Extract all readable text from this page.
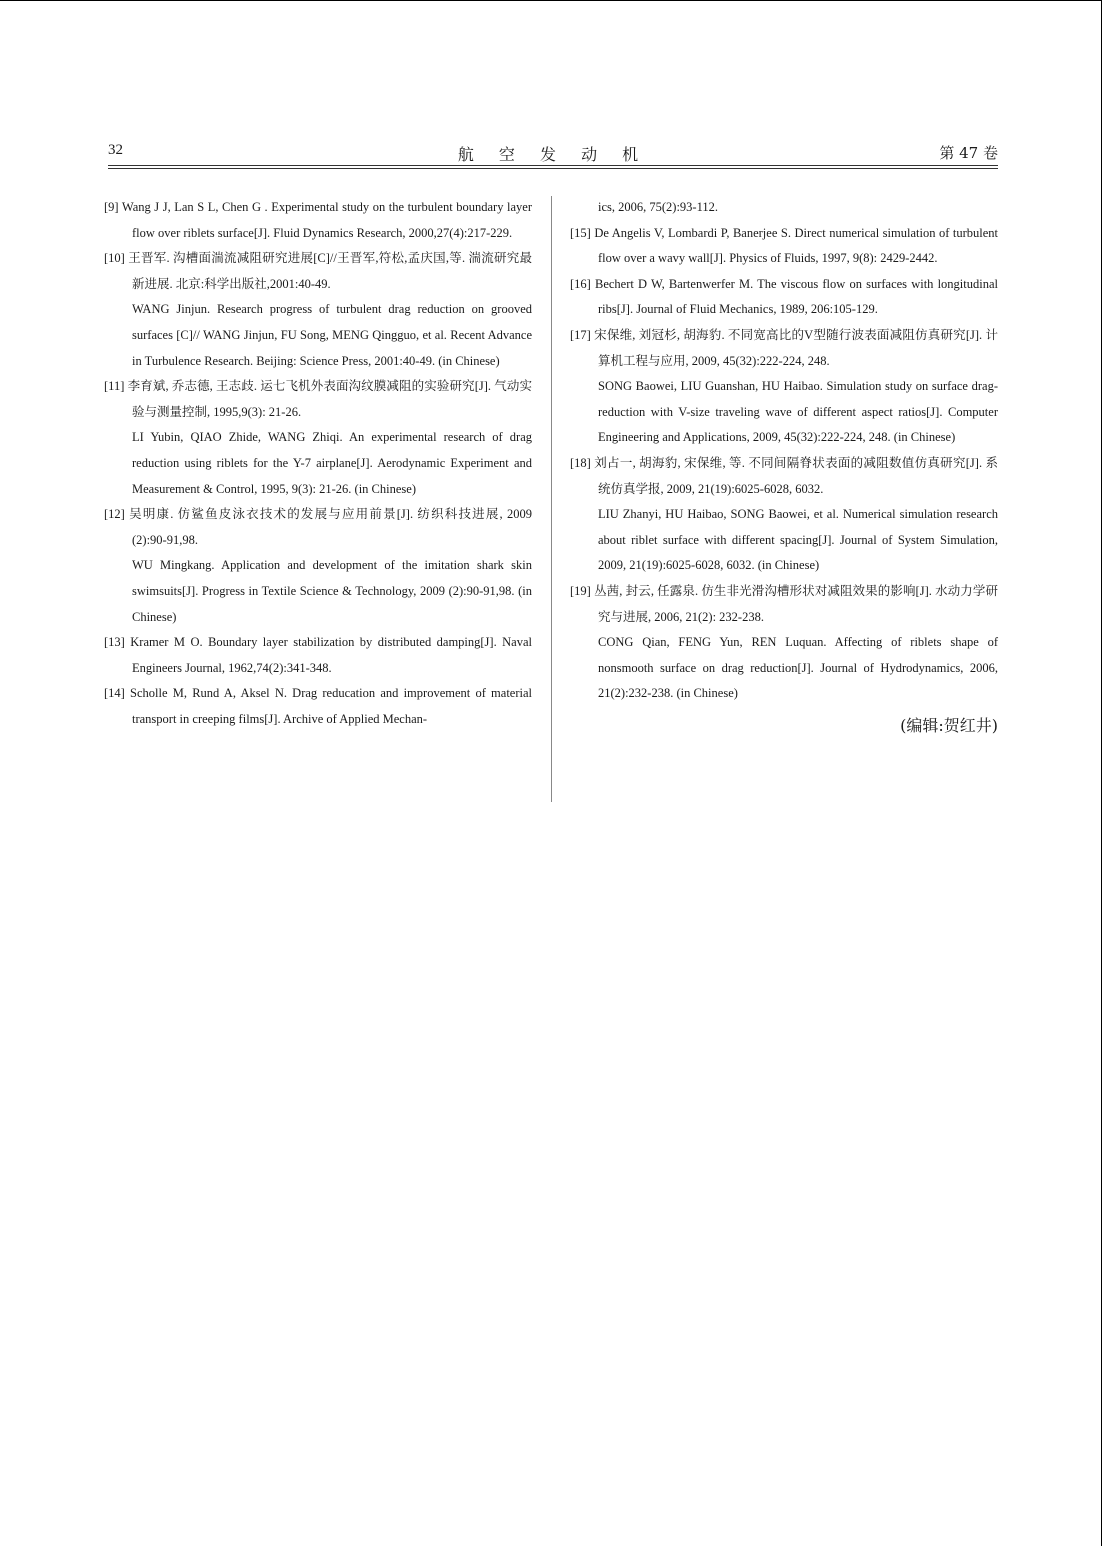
32	航 空 发 动 机	第 47 卷
[9] Wang J J, Lan S L, Chen G . Experimental study on the turbulent boundary layer flow over riblets surface[J]. Fluid Dynamics Research, 2000,27(4):217-229.
[10] 王晋军. 沟槽面湍流减阻研究进展[C]//王晋军,符松,孟庆国,等. 湍流研究最新进展. 北京:科学出版社,2001:40-49.
WANG Jinjun. Research progress of turbulent drag reduction on grooved surfaces [C]// WANG Jinjun, FU Song, MENG Qingguo, et al. Recent Advance in Turbulence Research. Beijing: Science Press, 2001:40-49. (in Chinese)
[11] 李育斌, 乔志德, 王志歧. 运七飞机外表面沟纹膜减阻的实验研究[J]. 气动实验与测量控制, 1995,9(3): 21-26.
LI Yubin, QIAO Zhide, WANG Zhiqi. An experimental research of drag reduction using riblets for the Y-7 airplane[J]. Aerodynamic Experiment and Measurement & Control, 1995, 9(3): 21-26. (in Chinese)
[12] 吴明康. 仿鲨鱼皮泳衣技术的发展与应用前景[J]. 纺织科技进展, 2009 (2):90-91,98.
WU Mingkang. Application and development of the imitation shark skin swimsuits[J]. Progress in Textile Science & Technology, 2009 (2):90-91,98. (in Chinese)
[13] Kramer M O. Boundary layer stabilization by distributed damping[J]. Naval Engineers Journal, 1962,74(2):341-348.
[14] Scholle M, Rund A, Aksel N. Drag reducation and improvement of material transport in creeping films[J]. Archive of Applied Mechan-
ics, 2006, 75(2):93-112.
[15] De Angelis V, Lombardi P, Banerjee S. Direct numerical simulation of turbulent flow over a wavy wall[J]. Physics of Fluids, 1997, 9(8): 2429-2442.
[16] Bechert D W, Bartenwerfer M. The viscous flow on surfaces with longitudinal ribs[J]. Journal of Fluid Mechanics, 1989, 206:105-129.
[17] 宋保维, 刘冠杉, 胡海豹. 不同宽高比的V型随行波表面减阻仿真研究[J]. 计算机工程与应用, 2009, 45(32):222-224, 248.
SONG Baowei, LIU Guanshan, HU Haibao. Simulation study on surface drag-reduction with V-size traveling wave of different aspect ratios[J]. Computer Engineering and Applications, 2009, 45(32):222-224, 248. (in Chinese)
[18] 刘占一, 胡海豹, 宋保维, 等. 不同间隔脊状表面的减阻数值仿真研究[J]. 系统仿真学报, 2009, 21(19):6025-6028, 6032.
LIU Zhanyi, HU Haibao, SONG Baowei, et al. Numerical simulation research about riblet surface with different spacing[J]. Journal of System Simulation, 2009, 21(19):6025-6028, 6032. (in Chinese)
[19] 丛茜, 封云, 任露泉. 仿生非光滑沟槽形状对减阻效果的影响[J]. 水动力学研究与进展, 2006, 21(2): 232-238.
CONG Qian, FENG Yun, REN Luquan. Affecting of riblets shape of nonsmooth surface on drag reduction[J]. Journal of Hydrodynamics, 2006, 21(2):232-238. (in Chinese)
(编辑:贺红井)
